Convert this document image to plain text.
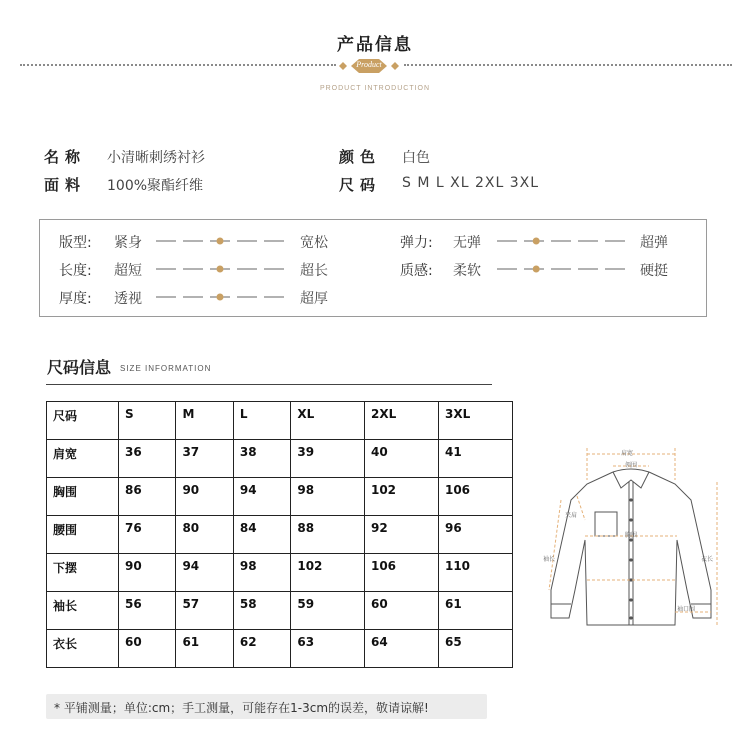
产品信息
Product
PRODUCT INTRODUCTION
名称 小清晰刺绣衬衫
面料 100%聚酯纤维
颜色 白色
尺码 S M L XL 2XL 3XL
版型: 紧身	宽松
长度: 超短	超长
厚度: 透视	超厚
弹力: 无弹	超弹
质感: 柔软	硬挺
尺码信息 SIZE INFORMATION
尺码	S	M	L	XL	2XL	3XL
肩宽	36	37	38	39	40	41
胸围	86	90	94	98	102	106
腰围	76	80	84	88	92	96
下摆	90	94	98	102	106	110
袖长	56	57	58	59	60	61
衣长	60	61	62	63	64	65
肩宽
领围
夹肩
胸围
袖长	衣长
袖口围
* 平铺测量；单位:cm；手工测量，可能存在1-3cm的误差，敬请谅解!
